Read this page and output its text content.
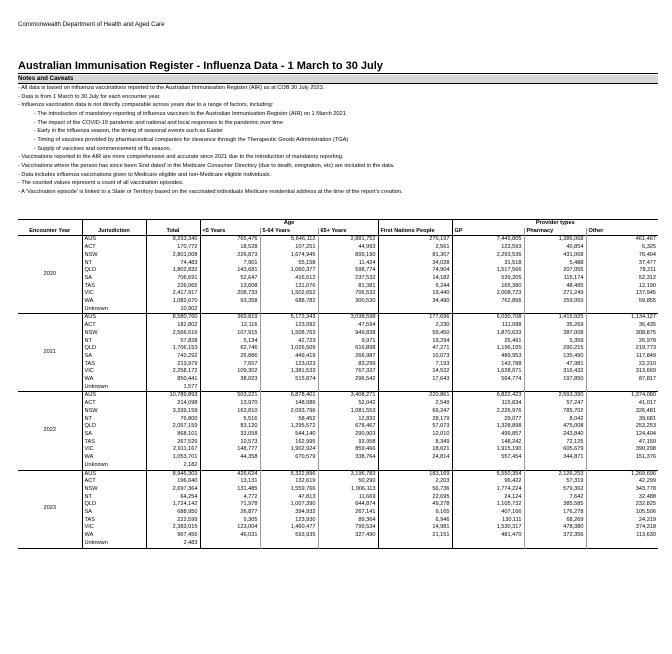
Commonwealth Department of Health and Aged Care
Australian Immunisation Register - Influenza Data - 1 March to 30 July
Notes and Caveats
- All data is based on influenza vaccinations reported to the Australian Immunisation Register (AIR) as at COB 30 July 2023.
- Data is from 1 March to 30 July for each encounter year.
- Influenza vaccination data is not directly comparable across years due to a range of factors, including:
- The introduction of mandatory reporting of influenza vaccines to the Australian Immunisation Register (AIR) on 1 March 2021
- The impact of the COVID-19 pandemic and national and local responses to the pandemic over time
- Early in the influenza season, the timing of seasonal events such as Easter
- Timing of vaccines provided by pharmaceutical companies for clearance through the Therapeutic Goods Administration (TGA)
- Supply of vaccines and commencement of flu season.
- Vaccinations reported to the AIR are more comprehensive and accurate since 2021 due to the introduction of mandatory reporting.
- Vaccinations where the person has since been 'End dated' in the Medicare Consumer Directory (due to death, emigration, etc) are included in the data.
- Data includes influenza vaccinations given to Medicare eligible and non-Medicare eligible individuals.
- The counted values represent a count of all vaccination episodes.
- A 'Vaccination episode' is linked to a State or Territory based on the vaccinated individuals Medicare residential address at the time of the report's creation.
			Age				Provider types		
Encounter Year	Jurisdiction	Total	<5 Years	5-64 Years	65+ Years	First Nations People	GP	Pharmacy	Other
2020	AUS	9,293,340	765,476	5,646,112	2,881,752	270,197	7,445,805	1,386,068	461,467
	ACT	170,772	18,528	107,251	44,993	2,561	123,593	40,854	6,325
	NSW	2,801,008	226,873	1,674,945	899,190	81,307	2,293,536	431,068	76,404
	NT	74,483	7,901	55,158	11,424	34,028	31,518	5,488	37,477
	QLD	1,802,832	143,681	1,060,377	598,774	74,904	1,517,566	207,055	78,211
	SA	706,691	52,647	416,512	237,532	14,182	539,205	115,174	52,312
	TAS	226,065	13,608	131,076	81,381	9,244	165,380	48,495	12,190
	VIC	2,417,917	208,733	1,502,652	706,532	19,440	2,008,723	271,249	137,945
	WA	1,082,670	93,358	688,782	300,530	34,490	762,856	259,959	59,855
	Unknown	10,902							
2021	AUS	8,580,760	369,819	5,172,343	3,038,598	177,696	6,030,708	1,415,925	1,134,127
	ACT	182,802	12,116	123,092	47,594	2,230	111,098	35,269	36,435
	NSW	2,566,516	107,915	1,508,763	949,838	59,450	1,870,633	387,008	308,875
	NT	57,828	5,134	42,723	9,971	19,294	25,491	5,359	26,978
	QLD	1,706,153	62,746	1,026,509	616,898	47,271	1,196,165	290,215	219,773
	SA	743,292	26,886	449,419	266,987	10,073	489,953	135,490	117,849
	TAS	213,979	7,657	123,023	83,299	7,193	143,788	47,981	22,210
	VIC	2,258,172	109,302	1,381,533	767,337	14,532	1,628,071	316,432	313,669
	WA	850,441	38,023	515,874	296,542	17,643	564,774	197,850	87,817
	Unknown	1,577							
2022	AUS	10,789,893	503,221	6,878,401	3,408,271	220,861	6,822,423	2,593,390	1,374,080
	ACT	214,098	13,970	148,086	52,042	2,549	115,834	57,247	41,017
	NSW	3,339,159	163,810	2,093,796	1,081,553	69,247	2,226,976	785,702	326,481
	NT	76,800	5,516	58,452	12,832	28,179	29,077	8,042	39,681
	QLD	2,057,159	83,120	1,295,572	678,467	57,073	1,328,898	475,008	253,253
	SA	868,101	33,058	544,140	290,903	12,010	499,857	243,840	124,404
	TAS	267,526	10,573	162,995	93,958	8,349	148,242	72,125	47,159
	VIC	2,911,167	148,777	1,902,924	859,466	18,621	1,915,190	605,679	390,298
	WA	1,053,701	44,358	670,579	338,764	24,814	557,454	344,871	151,376
	Unknown	2,182							
2023	AUS	8,946,303	426,624	5,322,896	3,196,783	183,169	5,550,354	2,126,253	1,269,696
	ACT	196,040	13,131	132,619	50,290	2,203	96,422	57,319	42,299
	NSW	2,697,364	131,485	1,559,766	1,006,113	56,736	1,774,224	579,362	343,778
	NT	64,254	4,772	47,813	11,669	22,695	24,124	7,642	32,488
	QLD	1,724,142	71,978	1,007,390	644,874	49,278	1,105,732	385,585	232,825
	SA	688,950	26,877	394,932	267,141	9,165	407,166	176,278	105,506
	TAS	222,599	9,305	123,930	89,364	6,946	130,111	68,269	24,219
	VIC	2,383,015	123,004	1,460,477	799,534	14,981	1,530,317	478,380	374,318
	WA	967,456	46,031	593,935	327,490	21,151	481,470	372,356	113,630
	Unknown	2,483							
